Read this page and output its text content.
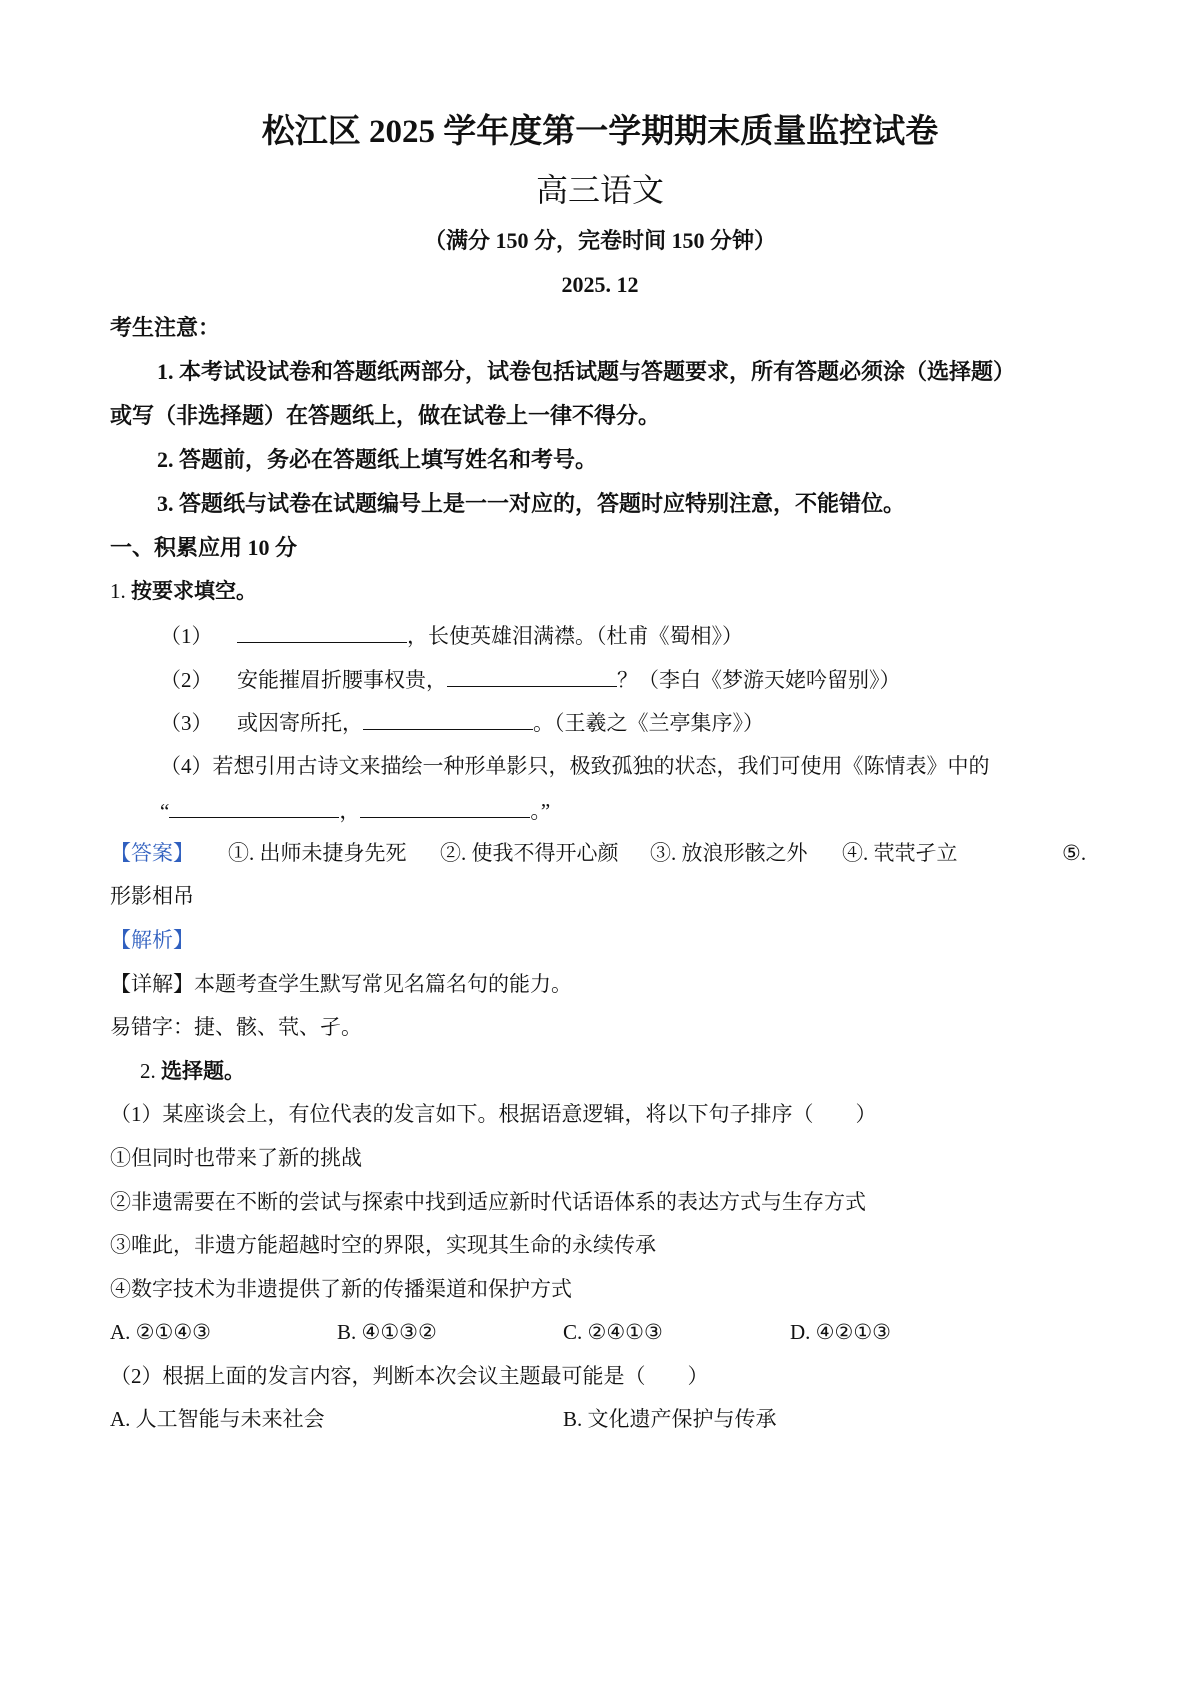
松江区 2025 学年度第一学期期末质量监控试卷
高三语文
（满分 150 分，完卷时间 150 分钟）
2025. 12
考生注意：
1. 本考试设试卷和答题纸两部分，试卷包括试题与答题要求，所有答题必须涂（选择题）
或写（非选择题）在答题纸上，做在试卷上一律不得分。
2. 答题前，务必在答题纸上填写姓名和考号。
3. 答题纸与试卷在试题编号上是一一对应的，答题时应特别注意，不能错位。
一、积累应用 10 分
1. 按要求填空。
（1）	，长使英雄泪满襟。（杜甫《蜀相》）
（2） 安能摧眉折腰事权贵，	？（李白《梦游天姥吟留别》）
（3） 或因寄所托，	。（王羲之《兰亭集序》）
（4）若想引用古诗文来描绘一种形单影只，极致孤独的状态，我们可使用《陈情表》中的
“	，	。”
【答案】 ①. 出师未捷身先死 ②. 使我不得开心颜 ③. 放浪形骸之外 ④. 茕茕孑立	⑤.
形影相吊
【解析】
【详解】本题考查学生默写常见名篇名句的能力。
易错字：捷、骸、茕、孑。
2. 选择题。
（1）某座谈会上，有位代表的发言如下。根据语意逻辑，将以下句子排序（　　）
①但同时也带来了新的挑战
②非遗需要在不断的尝试与探索中找到适应新时代话语体系的表达方式与生存方式
③唯此，非遗方能超越时空的界限，实现其生命的永续传承
④数字技术为非遗提供了新的传播渠道和保护方式
A. ②①④③	B. ④①③②	C. ②④①③	D. ④②①③
（2）根据上面的发言内容，判断本次会议主题最可能是（　　）
A. 人工智能与未来社会	B. 文化遗产保护与传承
